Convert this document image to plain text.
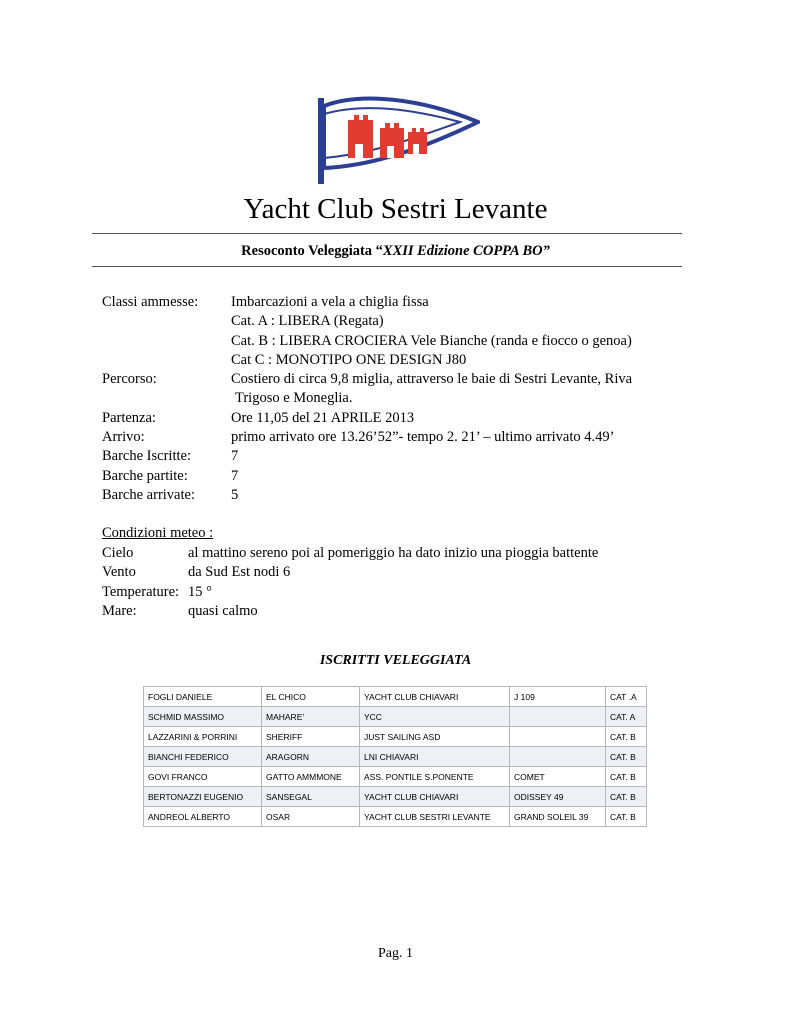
Yacht Club Sestri Levante
Resoconto Veleggiata “XXII Edizione COPPA BO”
Classi ammesse:	Imbarcazioni a vela a chiglia fissa
Cat. A : LIBERA (Regata)
Cat. B : LIBERA CROCIERA Vele Bianche (randa e fiocco o genoa)
Cat C : MONOTIPO ONE DESIGN J80
Percorso:	Costiero di circa 9,8 miglia, attraverso le baie di Sestri Levante, Riva
Trigoso e Moneglia.
Partenza:	Ore 11,05 del 21 APRILE 2013
Arrivo:	primo arrivato ore 13.26’52”- tempo 2. 21’ – ultimo arrivato 4.49’
Barche Iscritte:	7
Barche partite:	7
Barche arrivate:	5
Condizioni meteo :
Cielo	al mattino sereno poi al pomeriggio ha dato inizio una pioggia battente
Vento	da Sud Est nodi 6
Temperature: 15 °
Mare:	quasi calmo
ISCRITTI VELEGGIATA
FOGLI DANIELE	EL CHICO	YACHT CLUB CHIAVARI	J 109	CAT .A
SCHMID MASSIMO	MAHARE’	YCC		CAT. A
LAZZARINI & PORRINI	SHERIFF	JUST SAILING ASD		CAT. B
BIANCHI FEDERICO	ARAGORN	LNI CHIAVARI		CAT. B
GOVI FRANCO	GATTO AMMMONE	ASS. PONTILE S.PONENTE	COMET	CAT. B
BERTONAZZI EUGENIO	SANSEGAL	YACHT CLUB CHIAVARI	ODISSEY 49	CAT. B
ANDREOL ALBERTO	OSAR	YACHT CLUB SESTRI LEVANTE	GRAND SOLEIL 39	CAT. B
Pag. 1
